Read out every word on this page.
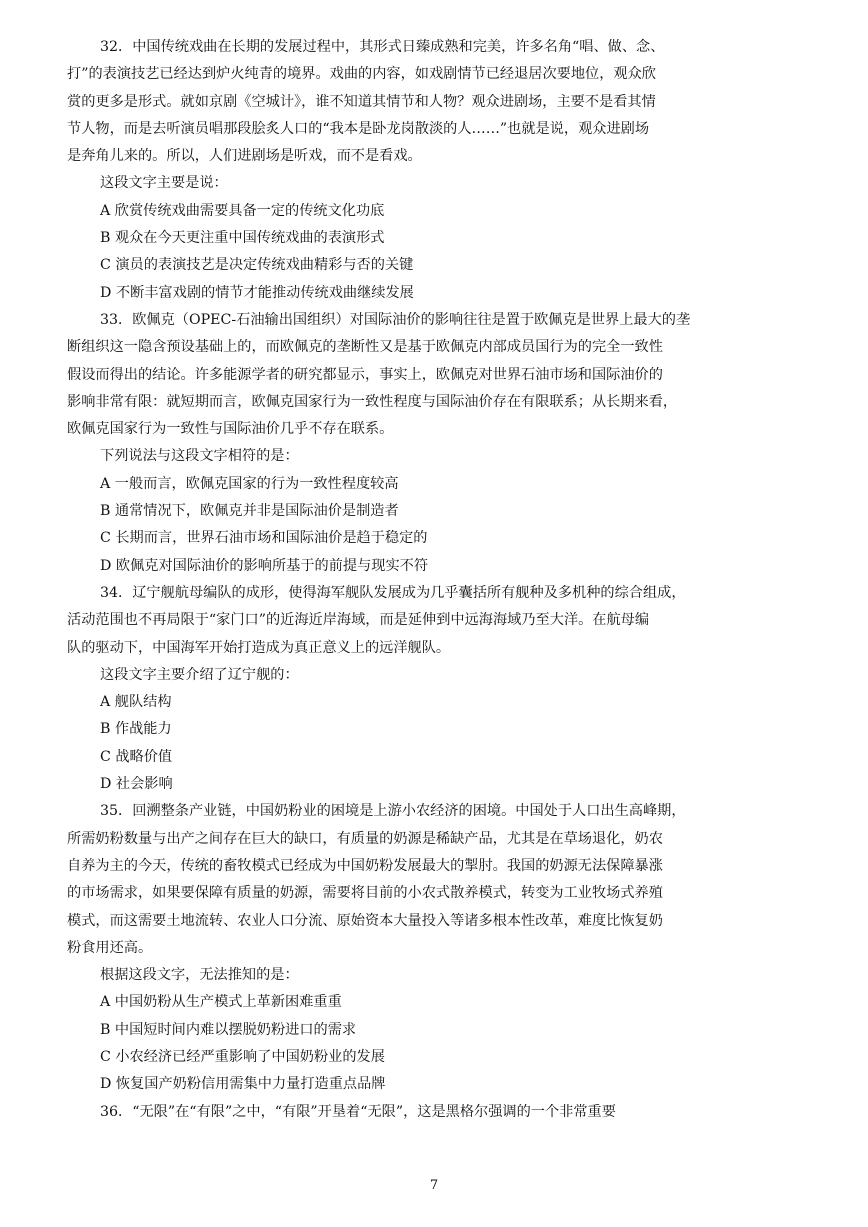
32．中国传统戏曲在长期的发展过程中，其形式日臻成熟和完美，许多名角“唱、做、念、

打”的表演技艺已经达到炉火纯青的境界。戏曲的内容，如戏剧情节已经退居次要地位，观众欣

赏的更多是形式。就如京剧《空城计》，谁不知道其情节和人物？观众进剧场，主要不是看其情

节人物，而是去听演员唱那段脍炙人口的“我本是卧龙岗散淡的人……”也就是说，观众进剧场

是奔角儿来的。所以，人们进剧场是听戏，而不是看戏。

这段文字主要是说：

A 欣赏传统戏曲需要具备一定的传统文化功底

B 观众在今天更注重中国传统戏曲的表演形式

C 演员的表演技艺是决定传统戏曲精彩与否的关键

D 不断丰富戏剧的情节才能推动传统戏曲继续发展

33．欧佩克（OPEC-石油输出国组织）对国际油价的影响往往是置于欧佩克是世界上最大的垄

断组织这一隐含预设基础上的，而欧佩克的垄断性又是基于欧佩克内部成员国行为的完全一致性

假设而得出的结论。许多能源学者的研究都显示，事实上，欧佩克对世界石油市场和国际油价的

影响非常有限：就短期而言，欧佩克国家行为一致性程度与国际油价存在有限联系；从长期来看，

欧佩克国家行为一致性与国际油价几乎不存在联系。

下列说法与这段文字相符的是：

A 一般而言，欧佩克国家的行为一致性程度较高

B 通常情况下，欧佩克并非是国际油价是制造者

C 长期而言，世界石油市场和国际油价是趋于稳定的

D 欧佩克对国际油价的影响所基于的前提与现实不符

34．辽宁舰航母编队的成形，使得海军舰队发展成为几乎囊括所有舰种及多机种的综合组成，

活动范围也不再局限于“家门口”的近海近岸海域，而是延伸到中远海海域乃至大洋。在航母编

队的驱动下，中国海军开始打造成为真正意义上的远洋舰队。

这段文字主要介绍了辽宁舰的：

A 舰队结构

B 作战能力

C 战略价值

D 社会影响

35．回溯整条产业链，中国奶粉业的困境是上游小农经济的困境。中国处于人口出生高峰期，

所需奶粉数量与出产之间存在巨大的缺口，有质量的奶源是稀缺产品，尤其是在草场退化，奶农

自养为主的今天，传统的畜牧模式已经成为中国奶粉发展最大的掣肘。我国的奶源无法保障暴涨

的市场需求，如果要保障有质量的奶源，需要将目前的小农式散养模式，转变为工业牧场式养殖

模式，而这需要土地流转、农业人口分流、原始资本大量投入等诸多根本性改革，难度比恢复奶

粉食用还高。

根据这段文字，无法推知的是：

A 中国奶粉从生产模式上革新困难重重

B 中国短时间内难以摆脱奶粉进口的需求

C 小农经济已经严重影响了中国奶粉业的发展

D 恢复国产奶粉信用需集中力量打造重点品牌

36．“无限”在“有限”之中，“有限”开垦着“无限”，这是黑格尔强调的一个非常重要

7
